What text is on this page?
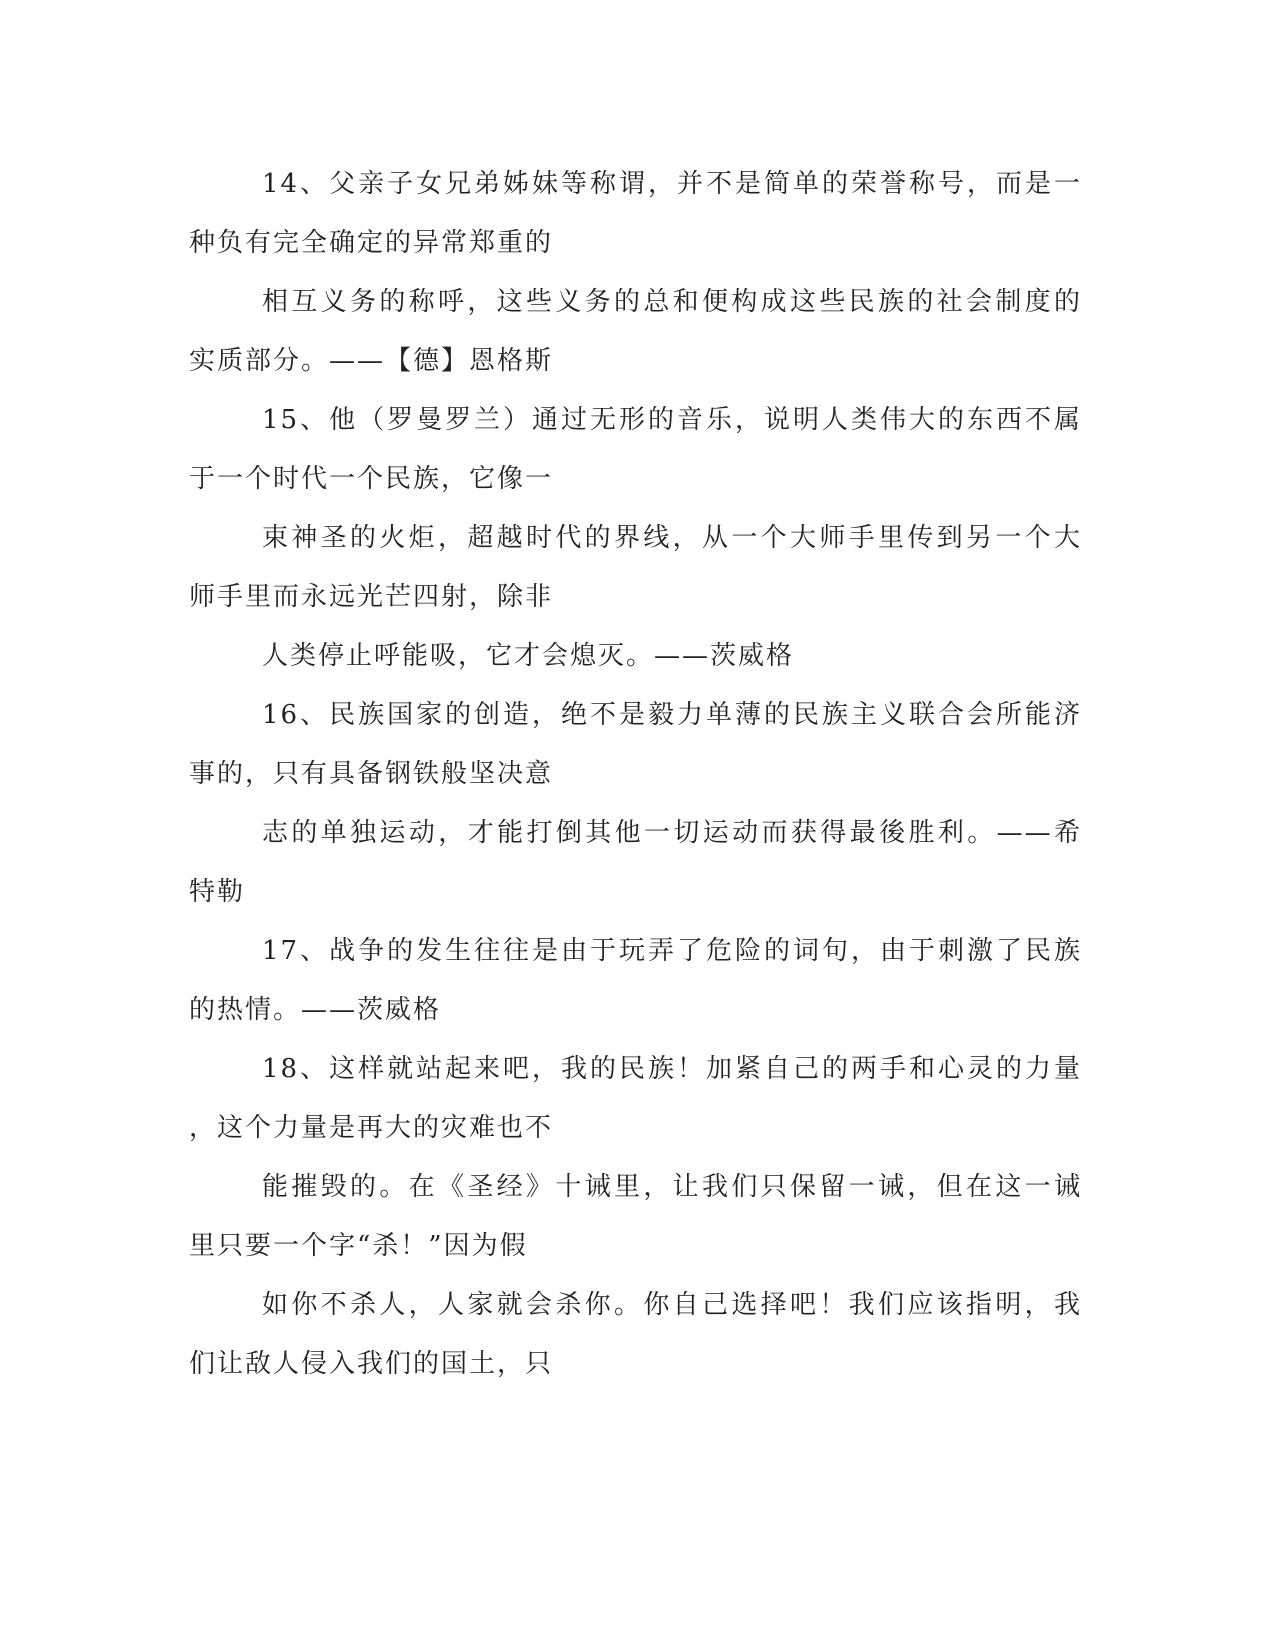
14、父亲子女兄弟姊妹等称谓，并不是简单的荣誉称号，而是一
种负有完全确定的异常郑重的
相互义务的称呼，这些义务的总和便构成这些民族的社会制度的
实质部分。——【德】恩格斯
15、他（罗曼罗兰）通过无形的音乐，说明人类伟大的东西不属
于一个时代一个民族，它像一
束神圣的火炬，超越时代的界线，从一个大师手里传到另一个大
师手里而永远光芒四射，除非
人类停止呼能吸，它才会熄灭。——茨威格
16、民族国家的创造，绝不是毅力单薄的民族主义联合会所能济
事的，只有具备钢铁般坚决意
志的单独运动，才能打倒其他一切运动而获得最後胜利。——希
特勒
17、战争的发生往往是由于玩弄了危险的词句，由于刺激了民族
的热情。——茨威格
18、这样就站起来吧，我的民族！加紧自己的两手和心灵的力量
，这个力量是再大的灾难也不
能摧毁的。在《圣经》十诫里，让我们只保留一诫，但在这一诫
里只要一个字“杀！”因为假
如你不杀人，人家就会杀你。你自己选择吧！我们应该指明，我
们让敌人侵入我们的国土，只
